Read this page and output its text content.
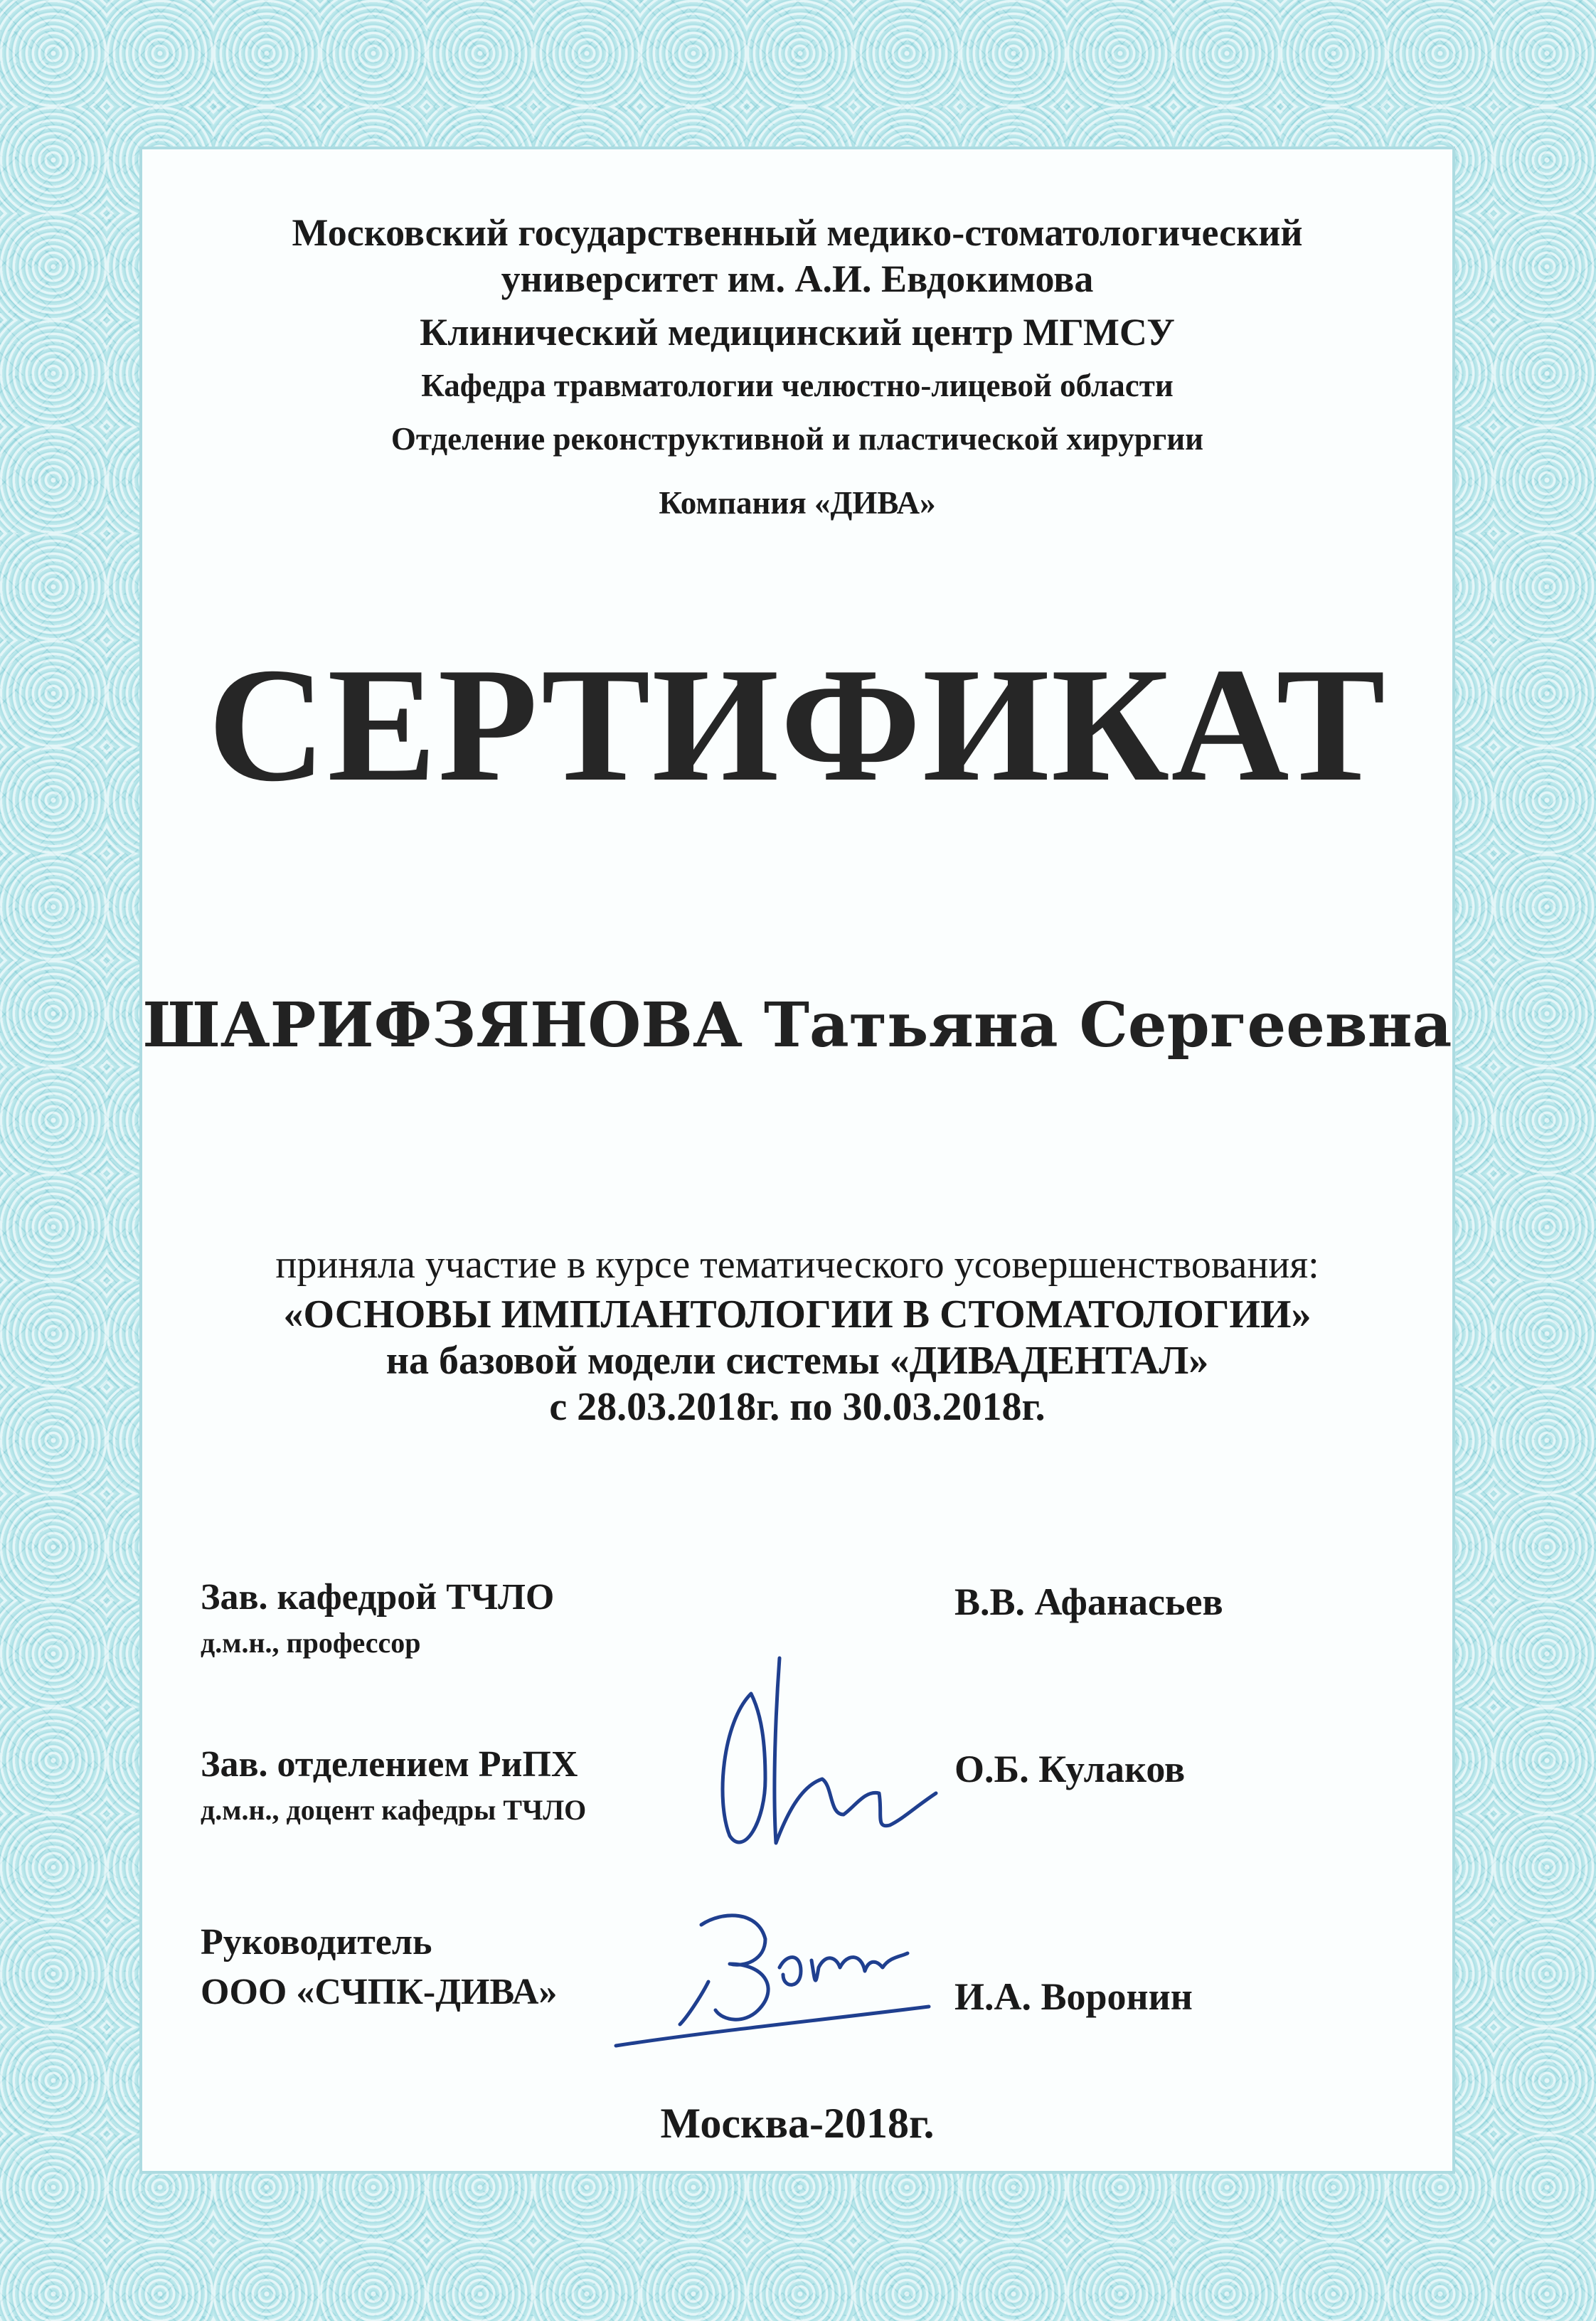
Московский государственный медико-стоматологический
университет им. А.И. Евдокимова
Клинический медицинский центр МГМСУ
Кафедра травматологии челюстно-лицевой области
Отделение реконструктивной и пластической хирургии
Компания «ДИВА»
СЕРТИФИКАТ
ШАРИФЗЯНОВА Татьяна Сергеевна
приняла участие в курсе тематического усовершенствования:
«ОСНОВЫ ИМПЛАНТОЛОГИИ В СТОМАТОЛОГИИ»
на базовой модели системы «ДИВАДЕНТАЛ»
с 28.03.2018г. по 30.03.2018г.
Зав. кафедрой ТЧЛО
д.м.н., профессор
В.В. Афанасьев
Зав. отделением РиПХ
д.м.н., доцент кафедры ТЧЛО
О.Б. Кулаков
Руководитель
ООО «СЧПК-ДИВА»	И.А. Воронин
Москва-2018г.
